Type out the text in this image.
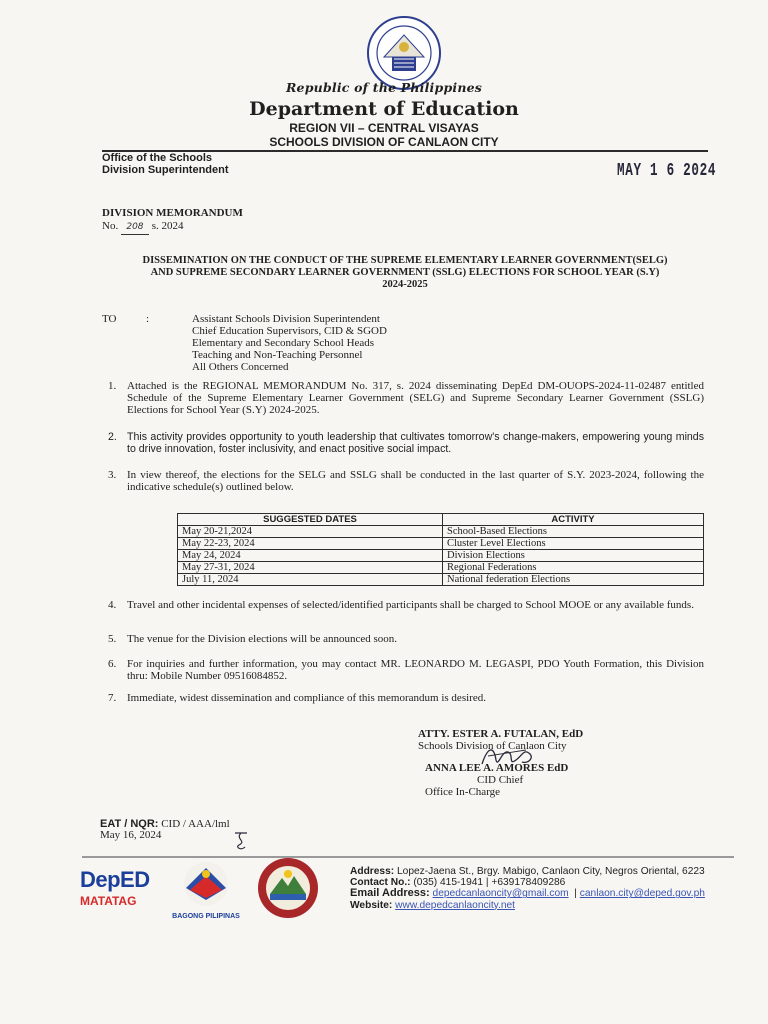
Republic of the Philippines
Department of Education
REGION VII – CENTRAL VISAYAS
SCHOOLS DIVISION OF CANLAON CITY
Office of the Schools
Division Superintendent	MAY 1 6 2024
DIVISION MEMORANDUM
No. 208 s. 2024
DISSEMINATION ON THE CONDUCT OF THE SUPREME ELEMENTARY LEARNER GOVERNMENT(SELG)
AND SUPREME SECONDARY LEARNER GOVERNMENT (SSLG) ELECTIONS FOR SCHOOL YEAR (S.Y)
2024-2025
TO	:	Assistant Schools Division Superintendent
Chief Education Supervisors, CID & SGOD
Elementary and Secondary School Heads
Teaching and Non-Teaching Personnel
All Others Concerned
1. Attached is the REGIONAL MEMORANDUM No. 317, s. 2024 disseminating DepEd DM-OUOPS-2024-11-02487 entitled Schedule of the Supreme Elementary Learner Government (SELG) and Supreme Secondary Learner Government (SSLG) Elections for School Year (S.Y) 2024-2025.
2. This activity provides opportunity to youth leadership that cultivates tomorrow's change-makers, empowering young minds to drive innovation, foster inclusivity, and enact positive social impact.
3. In view thereof, the elections for the SELG and SSLG shall be conducted in the last quarter of S.Y. 2023-2024, following the indicative schedule(s) outlined below.
SUGGESTED DATES	ACTIVITY
May 20-21,2024	School-Based Elections
May 22-23, 2024	Cluster Level Elections
May 24, 2024	Division Elections
May 27-31, 2024	Regional Federations
July 11, 2024	National federation Elections
4. Travel and other incidental expenses of selected/identified participants shall be charged to School MOOE or any available funds.
5. The venue for the Division elections will be announced soon.
6. For inquiries and further information, you may contact MR. LEONARDO M. LEGASPI, PDO Youth Formation, this Division thru: Mobile Number 09516084852.
7. Immediate, widest dissemination and compliance of this memorandum is desired.
ATTY. ESTER A. FUTALAN, EdD
Schools Division of Canlaon City
ANNA LEE A. AMORES EdD
CID Chief
Office In-Charge
EAT / NQR: CID / AAA/lml
May 16, 2024
DepED
MATATAG
BAGONG PILIPINAS
Address: Lopez-Jaena St., Brgy. Mabigo, Canlaon City, Negros Oriental, 6223
Contact No.: (035) 415-1941 | +639178409286
Email Address: depedcanlaoncity@gmail.com  | canlaon.city@deped.gov.ph
Website: www.depedcanlaoncity.net
